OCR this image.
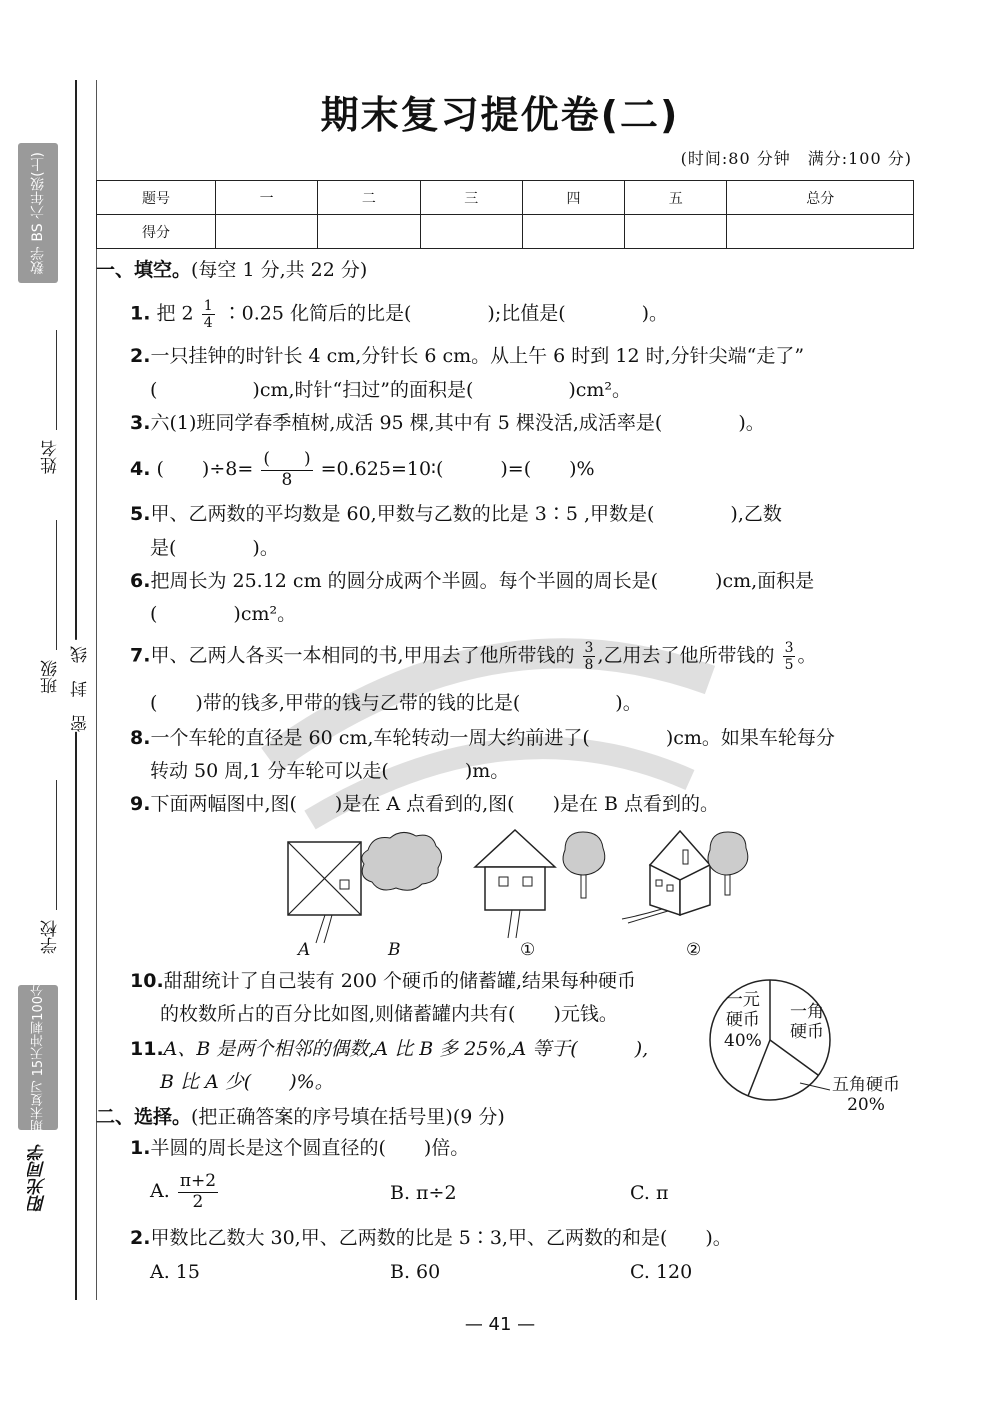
数学 BS 六年级(上)
期末复习 15天冲刺100分
阳光同学
姓名
班级 密 封 线
学校
期末复习提优卷(二)
(时间:80 分钟　满分:100 分)
题号	一	二	三	四	五	总分
得分						
一、填空。(每空 1 分,共 22 分)
1. 把 $2 \frac{1}{4}$ ∶0.25 化简后的比是(　　　　);比值是(　　　　)。
2.一只挂钟的时针长 4 cm,分针长 6 cm。从上午 6 时到 12 时,分针尖端“走了”
(　　　　　)cm,时针“扫过”的面积是(　　　　　)cm²。
3.六(1)班同学春季植树,成活 95 棵,其中有 5 棵没活,成活率是(　　　　)。
4. (　　)$\div 8= \frac{( )}{8}$ =0.625=10∶(　　　)=(　　)%
5.甲、乙两数的平均数是 60,甲数与乙数的比是 3∶5 ,甲数是(　　　　),乙数
是(　　　　)。
6.把周长为 25.12 cm 的圆分成两个半圆。每个半圆的周长是(　　　)cm,面积是
(　　　　)cm²。
7.甲、乙两人各买一本相同的书,甲用去了他所带钱的 $\frac{3}{8}$ ,乙用去了他所带钱的 $\frac{3}{5}$ 。
(　　)带的钱多,甲带的钱与乙带的钱的比是(　　　　　)。
8.一个车轮的直径是 60 cm,车轮转动一周大约前进了(　　　　)cm。如果车轮每分
转动 50 周,1 分车轮可以走(　　　　)m。
9.下面两幅图中,图(　　)是在 A 点看到的,图(　　)是在 B 点看到的。
A	B	①	②
10.甜甜统计了自己装有 200 个硬币的储蓄罐,结果每种硬币
的枚数所占的百分比如图,则储蓄罐内共有(　　)元钱。
11.A、B 是两个相邻的偶数,A 比 B 多 25%,A 等于(　　　),
B 比 A 少(　　)%。
一元
硬币
40%
一角
硬币
五角硬币
20%
二、选择。(把正确答案的序号填在括号里)(9 分)
1.半圆的周长是这个圆直径的(　　)倍。
A. $\frac{\pi+2}{2}$	B. π÷2	C. π
2.甲数比乙数大 30,甲、乙两数的比是 5∶3,甲、乙两数的和是(　　)。
A. 15	B. 60	C. 120
— 41 —
